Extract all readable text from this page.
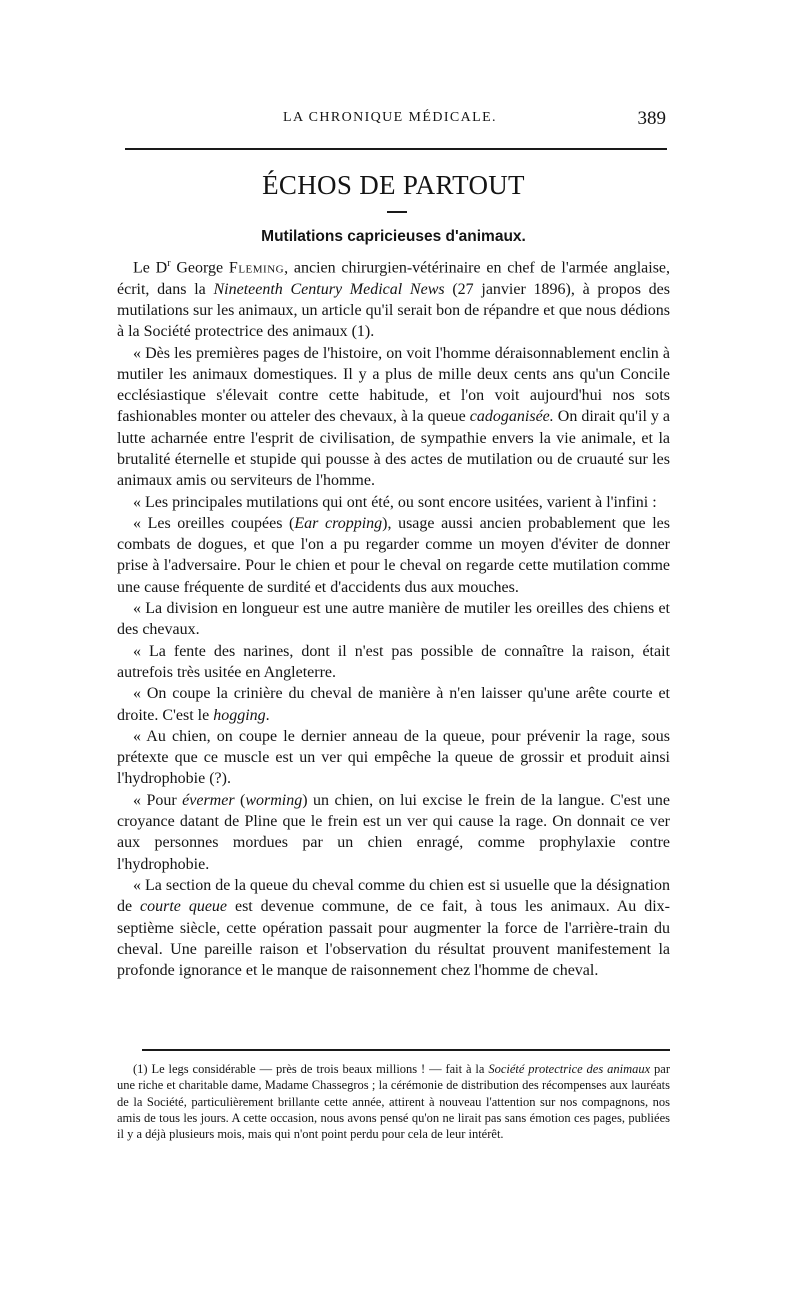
LA CHRONIQUE MÉDICALE.	389
ÉCHOS DE PARTOUT
Mutilations capricieuses d'animaux.

Le $D^r$ George Fleming, ancien chirurgien-vétérinaire en chef de l'armée anglaise, écrit, dans la Nineteenth Century Medical News (27 janvier 1896), à propos des mutilations sur les animaux, un article qu'il serait bon de répandre et que nous dédions à la Société protectrice des animaux (1).

« Dès les premières pages de l'histoire, on voit l'homme déraisonnablement enclin à mutiler les animaux domestiques. Il y a plus de mille deux cents ans qu'un Concile ecclésiastique s'élevait contre cette habitude, et l'on voit aujourd'hui nos sots fashionables monter ou atteler des chevaux, à la queue cadoganisée. On dirait qu'il y a lutte acharnée entre l'esprit de civilisation, de sympathie envers la vie animale, et la brutalité éternelle et stupide qui pousse à des actes de mutilation ou de cruauté sur les animaux amis ou serviteurs de l'homme.

« Les principales mutilations qui ont été, ou sont encore usitées, varient à l'infini :

« Les oreilles coupées (Ear cropping), usage aussi ancien probablement que les combats de dogues, et que l'on a pu regarder comme un moyen d'éviter de donner prise à l'adversaire. Pour le chien et pour le cheval on regarde cette mutilation comme une cause fréquente de surdité et d'accidents dus aux mouches.

« La division en longueur est une autre manière de mutiler les oreilles des chiens et des chevaux.

« La fente des narines, dont il n'est pas possible de connaître la raison, était autrefois très usitée en Angleterre.

« On coupe la crinière du cheval de manière à n'en laisser qu'une arête courte et droite. C'est le hogging.

« Au chien, on coupe le dernier anneau de la queue, pour prévenir la rage, sous prétexte que ce muscle est un ver qui empêche la queue de grossir et produit ainsi l'hydrophobie (?).

« Pour évermer (worming) un chien, on lui excise le frein de la langue. C'est une croyance datant de Pline que le frein est un ver qui cause la rage. On donnait ce ver aux personnes mordues par un chien enragé, comme prophylaxie contre l'hydrophobie.

« La section de la queue du cheval comme du chien est si usuelle que la désignation de courte queue est devenue commune, de ce fait, à tous les animaux. Au dix-septième siècle, cette opération passait pour augmenter la force de l'arrière-train du cheval. Une pareille raison et l'observation du résultat prouvent manifestement la profonde ignorance et le manque de raisonnement chez l'homme de cheval.

(1) Le legs considérable — près de trois beaux millions ! — fait à la Société protectrice des animaux par une riche et charitable dame, Madame Chassegros ; la cérémonie de distribution des récompenses aux lauréats de la Société, particulièrement brillante cette année, attirent à nouveau l'attention sur nos compagnons, nos amis de tous les jours. A cette occasion, nous avons pensé qu'on ne lirait pas sans émotion ces pages, publiées il y a déjà plusieurs mois, mais qui n'ont point perdu pour cela de leur intérêt.
